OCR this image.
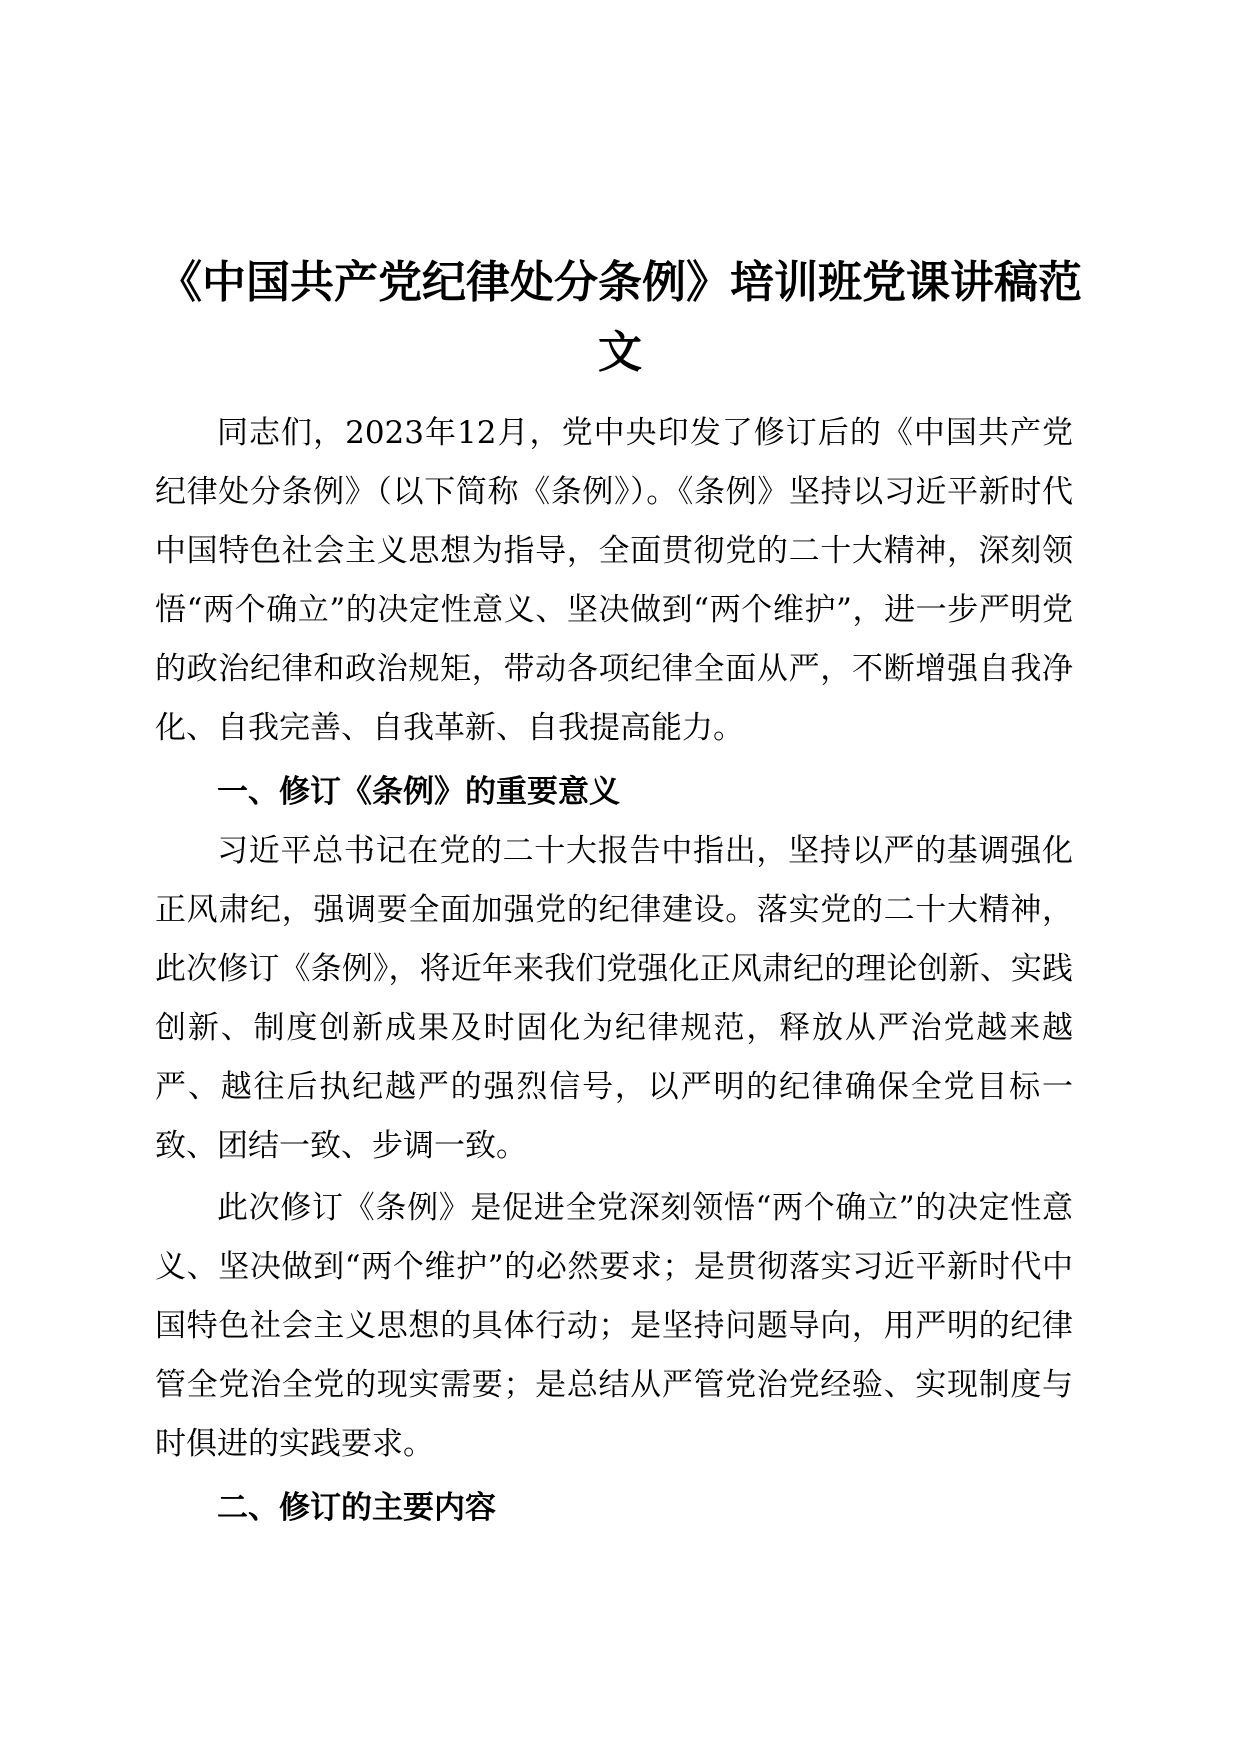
《中国共产党纪律处分条例》培训班党课讲稿范文

同志们，2023年12月，党中央印发了修订后的《中国共产党纪律处分条例》（以下简称《条例》）。《条例》坚持以习近平新时代中国特色社会主义思想为指导，全面贯彻党的二十大精神，深刻领悟“两个确立”的决定性意义、坚决做到“两个维护”，进一步严明党的政治纪律和政治规矩，带动各项纪律全面从严，不断增强自我净化、自我完善、自我革新、自我提高能力。

一、修订《条例》的重要意义

习近平总书记在党的二十大报告中指出，坚持以严的基调强化正风肃纪，强调要全面加强党的纪律建设。落实党的二十大精神，此次修订《条例》，将近年来我们党强化正风肃纪的理论创新、实践创新、制度创新成果及时固化为纪律规范，释放从严治党越来越严、越往后执纪越严的强烈信号，以严明的纪律确保全党目标一致、团结一致、步调一致。

此次修订《条例》是促进全党深刻领悟“两个确立”的决定性意义、坚决做到“两个维护”的必然要求；是贯彻落实习近平新时代中国特色社会主义思想的具体行动；是坚持问题导向，用严明的纪律管全党治全党的现实需要；是总结从严管党治党经验、实现制度与时俱进的实践要求。

二、修订的主要内容
